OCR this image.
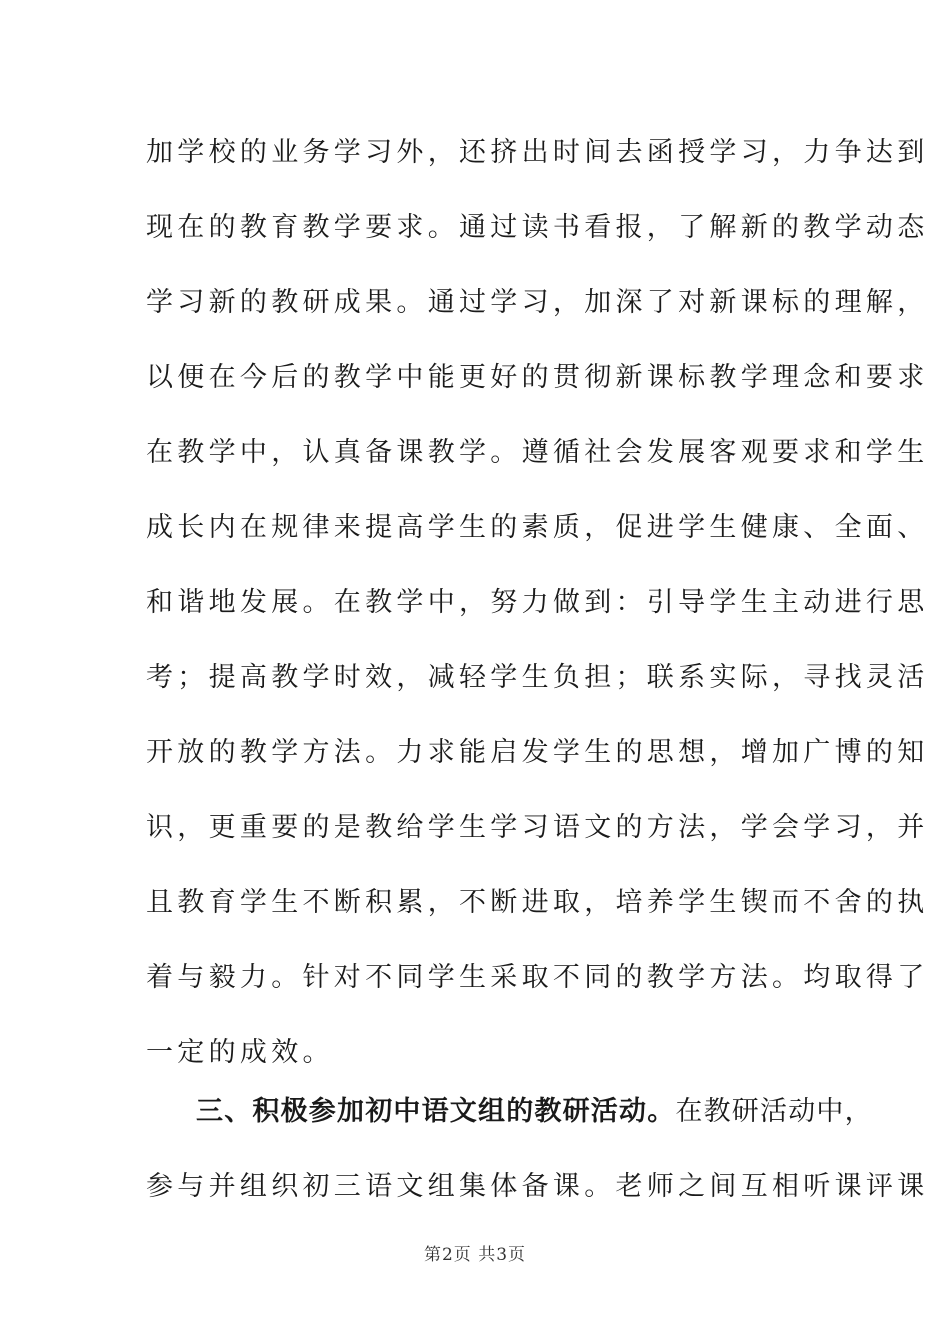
加学校的业务学习外，还挤出时间去函授学习，力争达到
现在的教育教学要求。通过读书看报，了解新的教学动态
学习新的教研成果。通过学习，加深了对新课标的理解，
以便在今后的教学中能更好的贯彻新课标教学理念和要求
在教学中，认真备课教学。遵循社会发展客观要求和学生
成长内在规律来提高学生的素质，促进学生健康、全面、
和谐地发展。在教学中，努力做到：引导学生主动进行思
考；提高教学时效，减轻学生负担；联系实际，寻找灵活
开放的教学方法。力求能启发学生的思想，增加广博的知
识，更重要的是教给学生学习语文的方法，学会学习，并
且教育学生不断积累，不断进取，培养学生锲而不舍的执
着与毅力。针对不同学生采取不同的教学方法。均取得了
一定的成效。
三、积极参加初中语文组的教研活动。在教研活动中，
参与并组织初三语文组集体备课。老师之间互相听课评课
第2页 共3页
